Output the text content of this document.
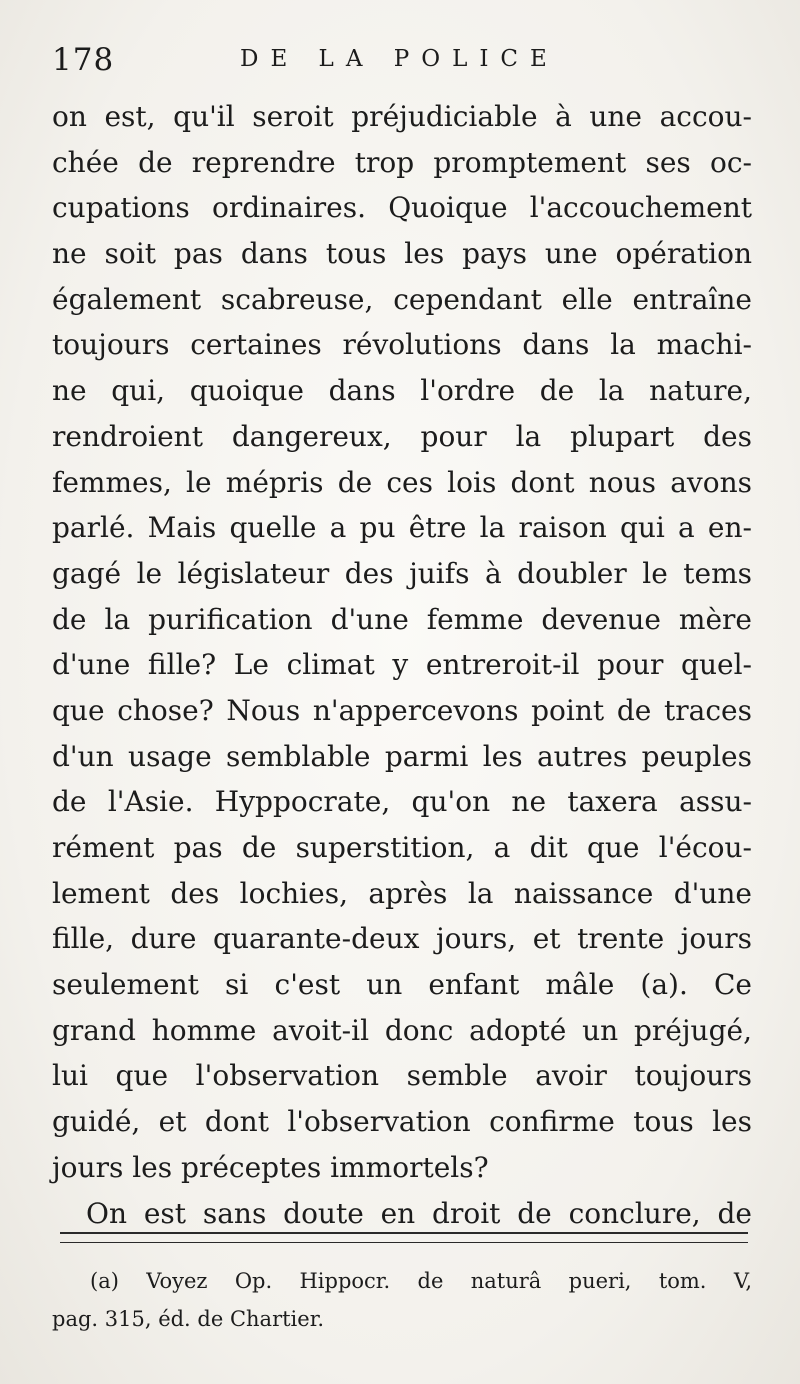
178	DE LA POLICE
on est, qu'il seroit préjudiciable à une accou-
chée de reprendre trop promptement ses oc-
cupations ordinaires. Quoique l'accouchement
ne soit pas dans tous les pays une opération
également scabreuse, cependant elle entraîne
toujours certaines révolutions dans la machi-
ne qui, quoique dans l'ordre de la nature,
rendroient dangereux, pour la plupart des
femmes, le mépris de ces lois dont nous avons
parlé. Mais quelle a pu être la raison qui a en-
gagé le législateur des juifs à doubler le tems
de la purification d'une femme devenue mère
d'une fille? Le climat y entreroit-il pour quel-
que chose? Nous n'appercevons point de traces
d'un usage semblable parmi les autres peuples
de l'Asie. Hyppocrate, qu'on ne taxera assu-
rément pas de superstition, a dit que l'écou-
lement des lochies, après la naissance d'une
fille, dure quarante-deux jours, et trente jours
seulement si c'est un enfant mâle (a). Ce
grand homme avoit-il donc adopté un préjugé,
lui que l'observation semble avoir toujours
guidé, et dont l'observation confirme tous les
jours les préceptes immortels?
On est sans doute en droit de conclure, de
(a) Voyez Op. Hippocr. de naturâ pueri, tom. V,
pag. 315, éd. de Chartier.
